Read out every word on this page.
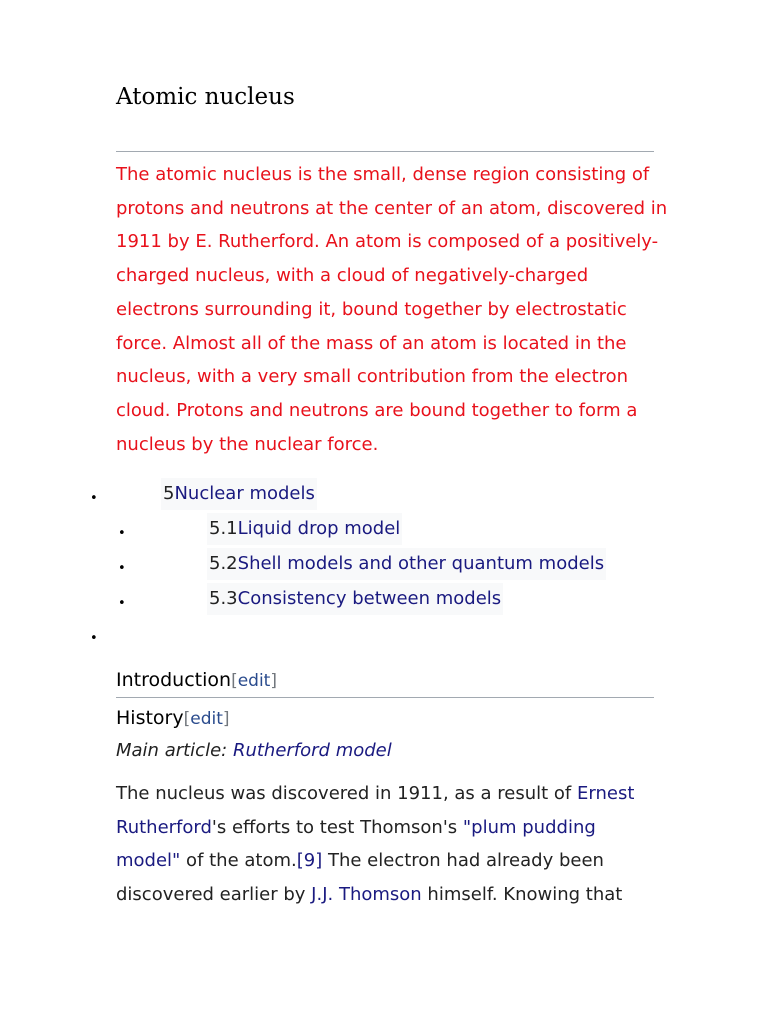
Atomic nucleus

The atomic nucleus is the small, dense region consisting of protons and neutrons at the center of an atom, discovered in 1911 by E. Rutherford. An atom is composed of a positively-charged nucleus, with a cloud of negatively-charged electrons surrounding it, bound together by electrostatic force. Almost all of the mass of an atom is located in the nucleus, with a very small contribution from the electron cloud. Protons and neutrons are bound together to form a nucleus by the nuclear force.

•	5Nuclear models
•	5.1Liquid drop model
•	5.2Shell models and other quantum models
•	5.3Consistency between models
•
Introduction[edit]
History[edit]

Main article: Rutherford model

The nucleus was discovered in 1911, as a result of Ernest Rutherford's efforts to test Thomson's "plum pudding model" of the atom.[9] The electron had already been discovered earlier by J.J. Thomson himself. Knowing that
